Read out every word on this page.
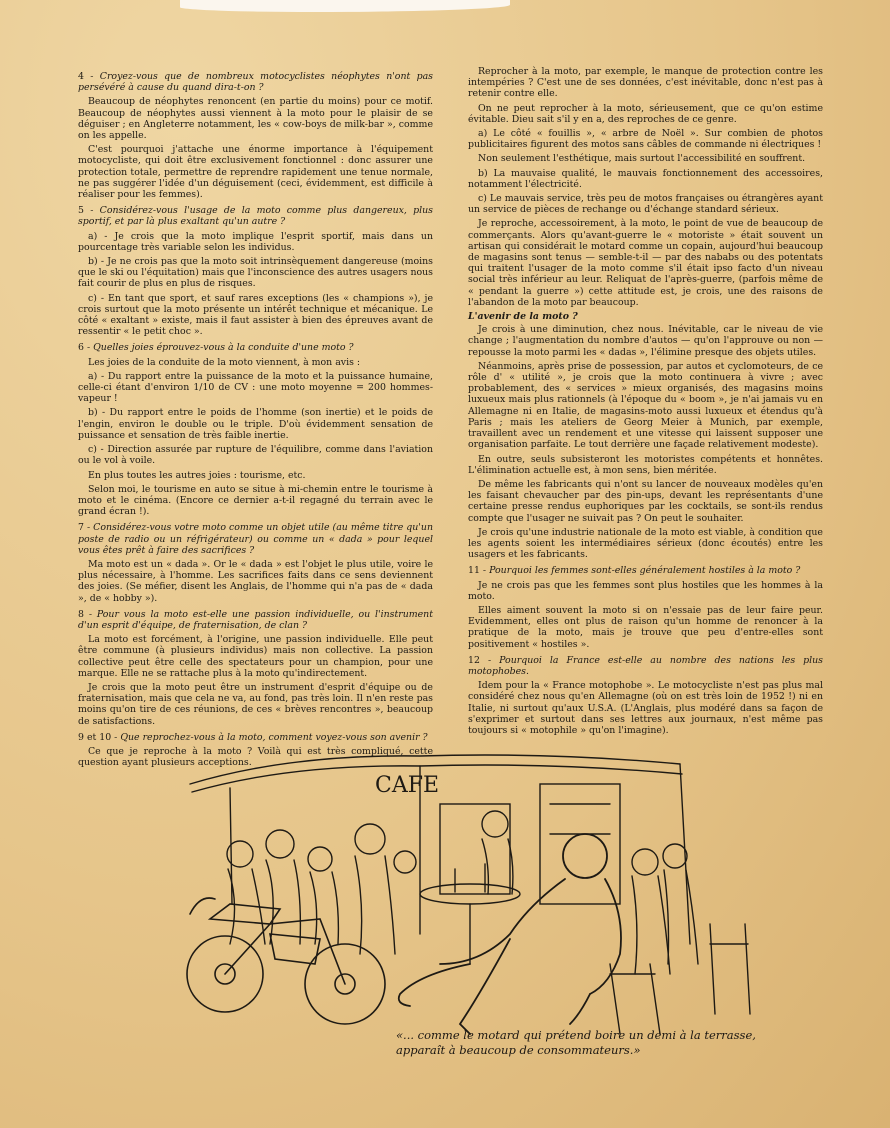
4 - Croyez-vous que de nombreux motocyclistes néophytes n'ont pas persévéré à cause du quand dira-t-on ?

Beaucoup de néophytes renoncent (en partie du moins) pour ce motif. Beaucoup de néophytes aussi viennent à la moto pour le plaisir de se déguiser ; en Angleterre notamment, les « cow-boys de milk-bar », comme on les appelle.

C'est pourquoi j'attache une énorme importance à l'équipement motocycliste, qui doit être exclusivement fonctionnel : donc assurer une protection totale, permettre de reprendre rapidement une tenue normale, ne pas suggérer l'idée d'un déguisement (ceci, évidemment, est difficile à réaliser pour les femmes).

5 - Considérez-vous l'usage de la moto comme plus dangereux, plus sportif, et par là plus exaltant qu'un autre ?

a) - Je crois que la moto implique l'esprit sportif, mais dans un pourcentage très variable selon les individus.

b) - Je ne crois pas que la moto soit intrinsèquement dangereuse (moins que le ski ou l'équitation) mais que l'inconscience des autres usagers nous fait courir de plus en plus de risques.

c) - En tant que sport, et sauf rares exceptions (les « champions »), je crois surtout que la moto présente un intérêt technique et mécanique. Le côté « exaltant » existe, mais il faut assister à bien des épreuves avant de ressentir « le petit choc ».

6 - Quelles joies éprouvez-vous à la conduite d'une moto ?

Les joies de la conduite de la moto viennent, à mon avis :

a) - Du rapport entre la puissance de la moto et la puissance humaine, celle-ci étant d'environ 1/10 de CV : une moto moyenne = 200 hommes-vapeur !

b) - Du rapport entre le poids de l'homme (son inertie) et le poids de l'engin, environ le double ou le triple. D'où évidemment sensation de puissance et sensation de très faible inertie.

c) - Direction assurée par rupture de l'équilibre, comme dans l'aviation ou le vol à voile.

En plus toutes les autres joies : tourisme, etc.

Selon moi, le tourisme en auto se situe à mi-chemin entre le tourisme à moto et le cinéma. (Encore ce dernier a-t-il regagné du terrain avec le grand écran !).

7 - Considérez-vous votre moto comme un objet utile (au même titre qu'un poste de radio ou un réfrigérateur) ou comme un « dada » pour lequel vous êtes prêt à faire des sacrifices ?

Ma moto est un « dada ». Or le « dada » est l'objet le plus utile, voire le plus nécessaire, à l'homme. Les sacrifices faits dans ce sens deviennent des joies. (Se méfier, disent les Anglais, de l'homme qui n'a pas de « dada », de « hobby »).

8 - Pour vous la moto est-elle une passion individuelle, ou l'instrument d'un esprit d'équipe, de fraternisation, de clan ?

La moto est forcément, à l'origine, une passion individuelle. Elle peut être commune (à plusieurs individus) mais non collective. La passion collective peut être celle des spectateurs pour un champion, pour une marque. Elle ne se rattache plus à la moto qu'indirectement.

Je crois que la moto peut être un instrument d'esprit d'équipe ou de fraternisation, mais que cela ne va, au fond, pas très loin. Il n'en reste pas moins qu'on tire de ces réunions, de ces « brèves rencontres », beaucoup de satisfactions.

9 et 10 - Que reprochez-vous à la moto, comment voyez-vous son avenir ?

Ce que je reproche à la moto ? Voilà qui est très compliqué, cette question ayant plusieurs acceptions.

Reprocher à la moto, par exemple, le manque de protection contre les intempéries ? C'est une de ses données, c'est inévitable, donc n'est pas à retenir contre elle.

On ne peut reprocher à la moto, sérieusement, que ce qu'on estime évitable. Dieu sait s'il y en a, des reproches de ce genre.

a) Le côté « fouillis », « arbre de Noël ». Sur combien de photos publicitaires figurent des motos sans câbles de commande ni électriques !

Non seulement l'esthétique, mais surtout l'accessibilité en souffrent.

b) La mauvaise qualité, le mauvais fonctionnement des accessoires, notamment l'électricité.

c) Le mauvais service, très peu de motos françaises ou étrangères ayant un service de pièces de rechange ou d'échange standard sérieux.

Je reproche, accessoirement, à la moto, le point de vue de beaucoup de commerçants. Alors qu'avant-guerre le « motoriste » était souvent un artisan qui considérait le motard comme un copain, aujourd'hui beaucoup de magasins sont tenus — semble-t-il — par des nababs ou des potentats qui traitent l'usager de la moto comme s'il était ipso facto d'un niveau social très inférieur au leur. Reliquat de l'après-guerre, (parfois même de « pendant la guerre ») cette attitude est, je crois, une des raisons de l'abandon de la moto par beaucoup.

L'avenir de la moto ?

Je crois à une diminution, chez nous. Inévitable, car le niveau de vie change ; l'augmentation du nombre d'autos — qu'on l'approuve ou non — repousse la moto parmi les « dadas », l'élimine presque des objets utiles.

Néanmoins, après prise de possession, par autos et cyclomoteurs, de ce rôle d' « utilité », je crois que la moto continuera à vivre ; avec probablement, des « services » mieux organisés, des magasins moins luxueux mais plus rationnels (à l'époque du « boom », je n'ai jamais vu en Allemagne ni en Italie, de magasins-moto aussi luxueux et étendus qu'à Paris ; mais les ateliers de Georg Meier à Munich, par exemple, travaillent avec un rendement et une vitesse qui laissent supposer une organisation parfaite. Le tout derrière une façade relativement modeste).

En outre, seuls subsisteront les motoristes compétents et honnêtes. L'élimination actuelle est, à mon sens, bien méritée.

De même les fabricants qui n'ont su lancer de nouveaux modèles qu'en les faisant chevaucher par des pin-ups, devant les représentants d'une certaine presse rendus euphoriques par les cocktails, se sont-ils rendus compte que l'usager ne suivait pas ? On peut le souhaiter.

Je crois qu'une industrie nationale de la moto est viable, à condition que les agents soient les intermédiaires sérieux (donc écoutés) entre les usagers et les fabricants.

11 - Pourquoi les femmes sont-elles généralement hostiles à la moto ?

Je ne crois pas que les femmes sont plus hostiles que les hommes à la moto.

Elles aiment souvent la moto si on n'essaie pas de leur faire peur. Evidemment, elles ont plus de raison qu'un homme de renoncer à la pratique de la moto, mais je trouve que peu d'entre-elles sont positivement « hostiles ».

12 - Pourquoi la France est-elle au nombre des nations les plus motophobes.

Idem pour la « France motophobe ». Le motocycliste n'est pas plus mal considéré chez nous qu'en Allemagne (où on est très loin de 1952 !) ni en Italie, ni surtout qu'aux U.S.A. (L'Anglais, plus modéré dans sa façon de s'exprimer et surtout dans ses lettres aux journaux, n'est même pas toujours si « motophile » qu'on l'imagine).

CAFE
«... comme le motard qui prétend boire un demi à la terrasse,
apparaît à beaucoup de consommateurs.»
